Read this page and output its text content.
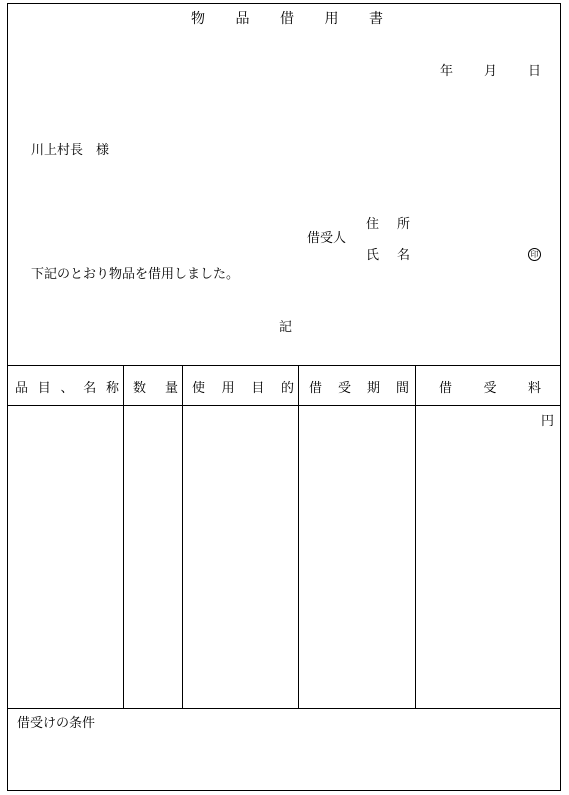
物 品 借 用 書
年 月 日
川上村長　様
借受人
住 所
氏 名	印
下記のとおり物品を借用しました。
記
品 目 、 名 称 数 量 使 用 目 的 借 受 期 間 借 受 料
円
借受けの条件
